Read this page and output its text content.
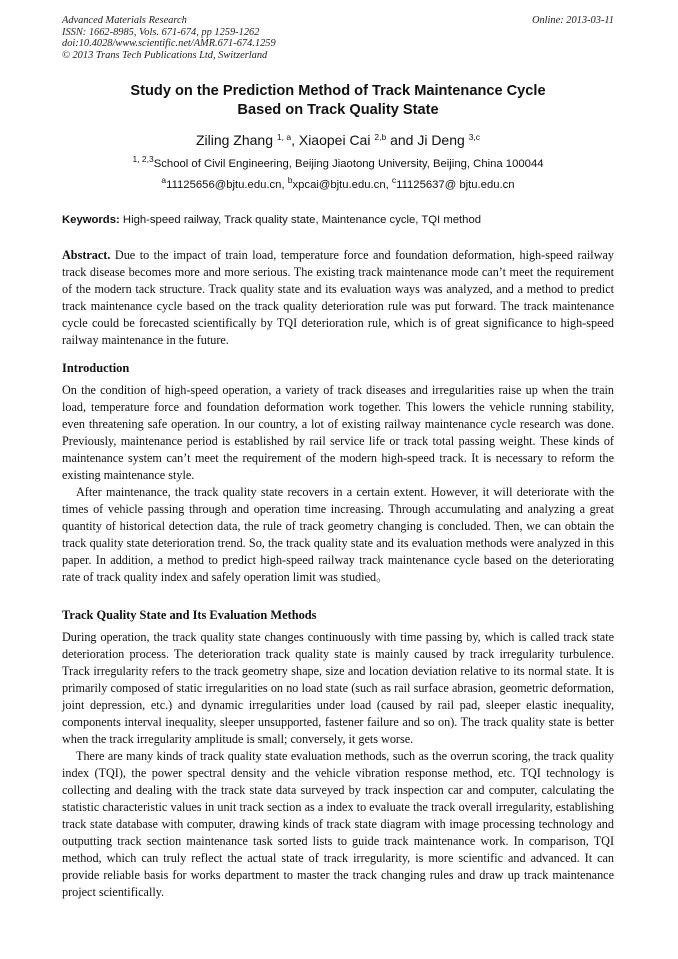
Advanced Materials Research
ISSN: 1662-8985, Vols. 671-674, pp 1259-1262
doi:10.4028/www.scientific.net/AMR.671-674.1259
© 2013 Trans Tech Publications Ltd, Switzerland
Online: 2013-03-11
Study on the Prediction Method of Track Maintenance Cycle
Based on Track Quality State
Ziling Zhang $^{1, a}$, Xiaopei Cai $^{2,b}$ and Ji Deng $^{3,c}$
$^{1, 2,3}$School of Civil Engineering, Beijing Jiaotong University, Beijing, China 100044
$^a$11125656@bjtu.edu.cn, $^b$xpcai@bjtu.edu.cn, $^c$11125637@ bjtu.edu.cn
Keywords: High-speed railway, Track quality state, Maintenance cycle, TQI method

Abstract. Due to the impact of train load, temperature force and foundation deformation, high-speed railway track disease becomes more and more serious. The existing track maintenance mode can’t meet the requirement of the modern tack structure. Track quality state and its evaluation ways was analyzed, and a method to predict track maintenance cycle based on the track quality deterioration rule was put forward. The track maintenance cycle could be forecasted scientifically by TQI deterioration rule, which is of great significance to high-speed railway maintenance in the future.

Introduction

On the condition of high-speed operation, a variety of track diseases and irregularities raise up when the train load, temperature force and foundation deformation work together. This lowers the vehicle running stability, even threatening safe operation. In our country, a lot of existing railway maintenance cycle research was done. Previously, maintenance period is established by rail service life or track total passing weight. These kinds of maintenance system can’t meet the requirement of the modern high-speed track. It is necessary to reform the existing maintenance style.

After maintenance, the track quality state recovers in a certain extent. However, it will deteriorate with the times of vehicle passing through and operation time increasing. Through accumulating and analyzing a great quantity of historical detection data, the rule of track geometry changing is concluded. Then, we can obtain the track quality state deterioration trend. So, the track quality state and its evaluation methods were analyzed in this paper. In addition, a method to predict high-speed railway track maintenance cycle based on the deteriorating rate of track quality index and safely operation limit was studied。

Track Quality State and Its Evaluation Methods

During operation, the track quality state changes continuously with time passing by, which is called track state deterioration process. The deterioration track quality state is mainly caused by track irregularity turbulence. Track irregularity refers to the track geometry shape, size and location deviation relative to its normal state. It is primarily composed of static irregularities on no load state (such as rail surface abrasion, geometric deformation, joint depression, etc.) and dynamic irregularities under load (caused by rail pad, sleeper elastic inequality, components interval inequality, sleeper unsupported, fastener failure and so on). The track quality state is better when the track irregularity amplitude is small; conversely, it gets worse.

There are many kinds of track quality state evaluation methods, such as the overrun scoring, the track quality index (TQI), the power spectral density and the vehicle vibration response method, etc. TQI technology is collecting and dealing with the track state data surveyed by track inspection car and computer, calculating the statistic characteristic values in unit track section as a index to evaluate the track overall irregularity, establishing track state database with computer, drawing kinds of track state diagram with image processing technology and outputting track section maintenance task sorted lists to guide track maintenance work. In comparison, TQI method, which can truly reflect the actual state of track irregularity, is more scientific and advanced. It can provide reliable basis for works department to master the track changing rules and draw up track maintenance project scientifically.
